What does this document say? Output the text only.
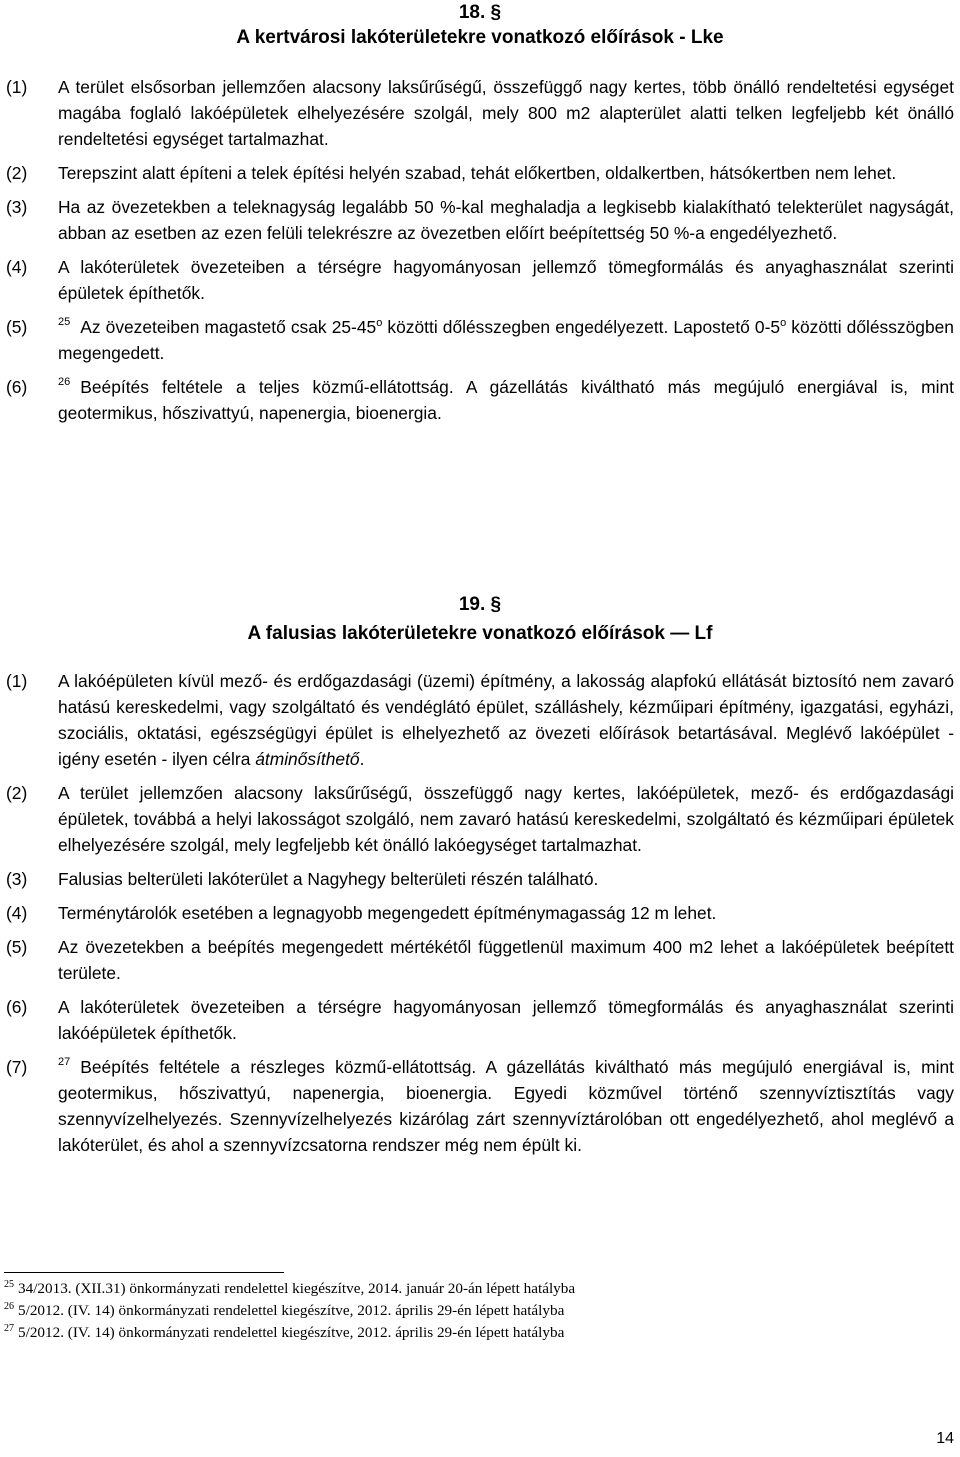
18. §
A kertvárosi lakóterületekre vonatkozó előírások - Lke
(1)	A terület elsősorban jellemzően alacsony laksűrűségű, összefüggő nagy kertes, több önálló rendeltetési egységet magába foglaló lakóépületek elhelyezésére szolgál, mely 800 m2 alapterület alatti telken legfeljebb két önálló rendeltetési egységet tartalmazhat.
(2)	Terepszint alatt építeni a telek építési helyén szabad, tehát előkertben, oldalkertben, hátsókertben nem lehet.
(3)	Ha az övezetekben a teleknagyság legalább 50 %-kal meghaladja a legkisebb kialakítható telekterület nagyságát, abban az esetben az ezen felüli telekrészre az övezetben előírt beépítettség 50 %-a engedélyezhető.
(4)	A lakóterületek övezeteiben a térségre hagyományosan jellemző tömegformálás és anyaghasználat szerinti épületek építhetők.
(5)	$^{25}$ Az övezeteiben magastető csak 25-45$^o$ közötti dőlésszegben engedélyezett. Lapostető 0-5$^o$ közötti dőlésszögben megengedett.
(6)	$^{26}$ Beépítés feltétele a teljes közmű-ellátottság. A gázellátás kiváltható más megújuló energiával is, mint geotermikus, hőszivattyú, napenergia, bioenergia.
19. §
A falusias lakóterületekre vonatkozó előírások — Lf
(1)	A lakóépületen kívül mező- és erdőgazdasági (üzemi) építmény, a lakosság alapfokú ellátását biztosító nem zavaró hatású kereskedelmi, vagy szolgáltató és vendéglátó épület, szálláshely, kézműipari építmény, igazgatási, egyházi, szociális, oktatási, egészségügyi épület is elhelyezhető az övezeti előírások betartásával. Meglévő lakóépület - igény esetén - ilyen célra átminősíthető.
(2)	A terület jellemzően alacsony laksűrűségű, összefüggő nagy kertes, lakóépületek, mező- és erdőgazdasági épületek, továbbá a helyi lakosságot szolgáló, nem zavaró hatású kereskedelmi, szolgáltató és kézműipari épületek elhelyezésére szolgál, mely legfeljebb két önálló lakóegységet tartalmazhat.
(3)	Falusias belterületi lakóterület a Nagyhegy belterületi részén található.
(4)	Terménytárolók esetében a legnagyobb megengedett építménymagasság 12 m lehet.
(5)	Az övezetekben a beépítés megengedett mértékétől függetlenül maximum 400 m2 lehet a lakóépületek beépített területe.
(6)	A lakóterületek övezeteiben a térségre hagyományosan jellemző tömegformálás és anyaghasználat szerinti lakóépületek építhetők.
(7)	$^{27}$ Beépítés feltétele a részleges közmű-ellátottság. A gázellátás kiváltható más megújuló energiával is, mint geotermikus, hőszivattyú, napenergia, bioenergia. Egyedi közművel történő szennyvíztisztítás vagy szennyvízelhelyezés. Szennyvízelhelyezés kizárólag zárt szennyvíztárolóban ott engedélyezhető, ahol meglévő a lakóterület, és ahol a szennyvízcsatorna rendszer még nem épült ki.
$^{25}$ 34/2013. (XII.31) önkormányzati rendelettel kiegészítve, 2014. január 20-án lépett hatályba
$^{26}$ 5/2012. (IV. 14) önkormányzati rendelettel kiegészítve, 2012. április 29-én lépett hatályba
$^{27}$ 5/2012. (IV. 14) önkormányzati rendelettel kiegészítve, 2012. április 29-én lépett hatályba
14
